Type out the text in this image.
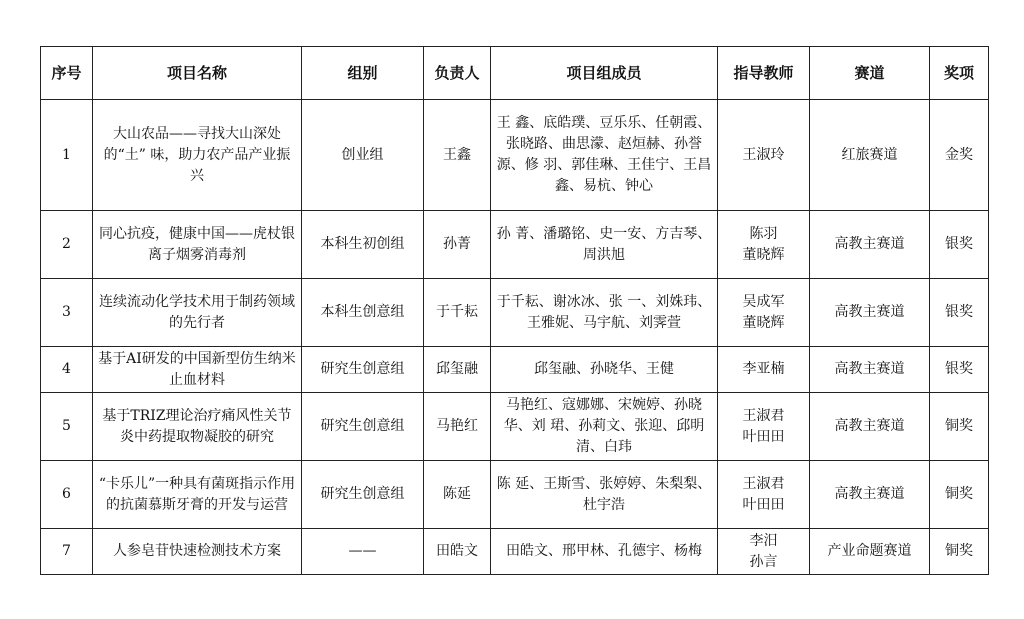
序号	项目名称	组别	负责人	项目组成员	指导教师	赛道	奖项
1	大山农品——寻找大山深处的“土” 味，助力农产品产业振兴	创业组	王鑫	王 鑫、底皓璞、豆乐乐、任朝霞、张晓路、曲思濛、赵烜赫、孙誉源、修 羽、郭佳琳、王佳宁、王昌鑫、易杭、钟心	王淑玲	红旅赛道	金奖
2	同心抗疫，健康中国——虎杖银离子烟雾消毒剂	本科生初创组	孙菁	孙 菁、潘璐铭、史一安、方吉琴、周洪旭	陈羽
董晓辉	高教主赛道	银奖
3	连续流动化学技术用于制药领域的先行者	本科生创意组	于千耘	于千耘、谢冰冰、张 一、刘姝玮、王雅妮、马宇航、刘霁萱	吴成军
董晓辉	高教主赛道	银奖
4	基于AI研发的中国新型仿生纳米止血材料	研究生创意组	邱玺融	邱玺融、孙晓华、王健	李亚楠	高教主赛道	银奖
5	基于TRIZ理论治疗痛风性关节炎中药提取物凝胶的研究	研究生创意组	马艳红	马艳红、寇娜娜、宋婉婷、孙晓华、刘 珺、孙莉文、张迎、邱明清、白玮	王淑君
叶田田	高教主赛道	铜奖
6	“卡乐儿”一种具有菌斑指示作用的抗菌慕斯牙膏的开发与运营	研究生创意组	陈延	陈 延、王斯雪、张婷婷、朱梨梨、杜宇浩	王淑君
叶田田	高教主赛道	铜奖
7	人参皂苷快速检测技术方案	——	田皓文	田皓文、邢甲林、孔德宇、杨梅	李汨
孙言	产业命题赛道	铜奖
